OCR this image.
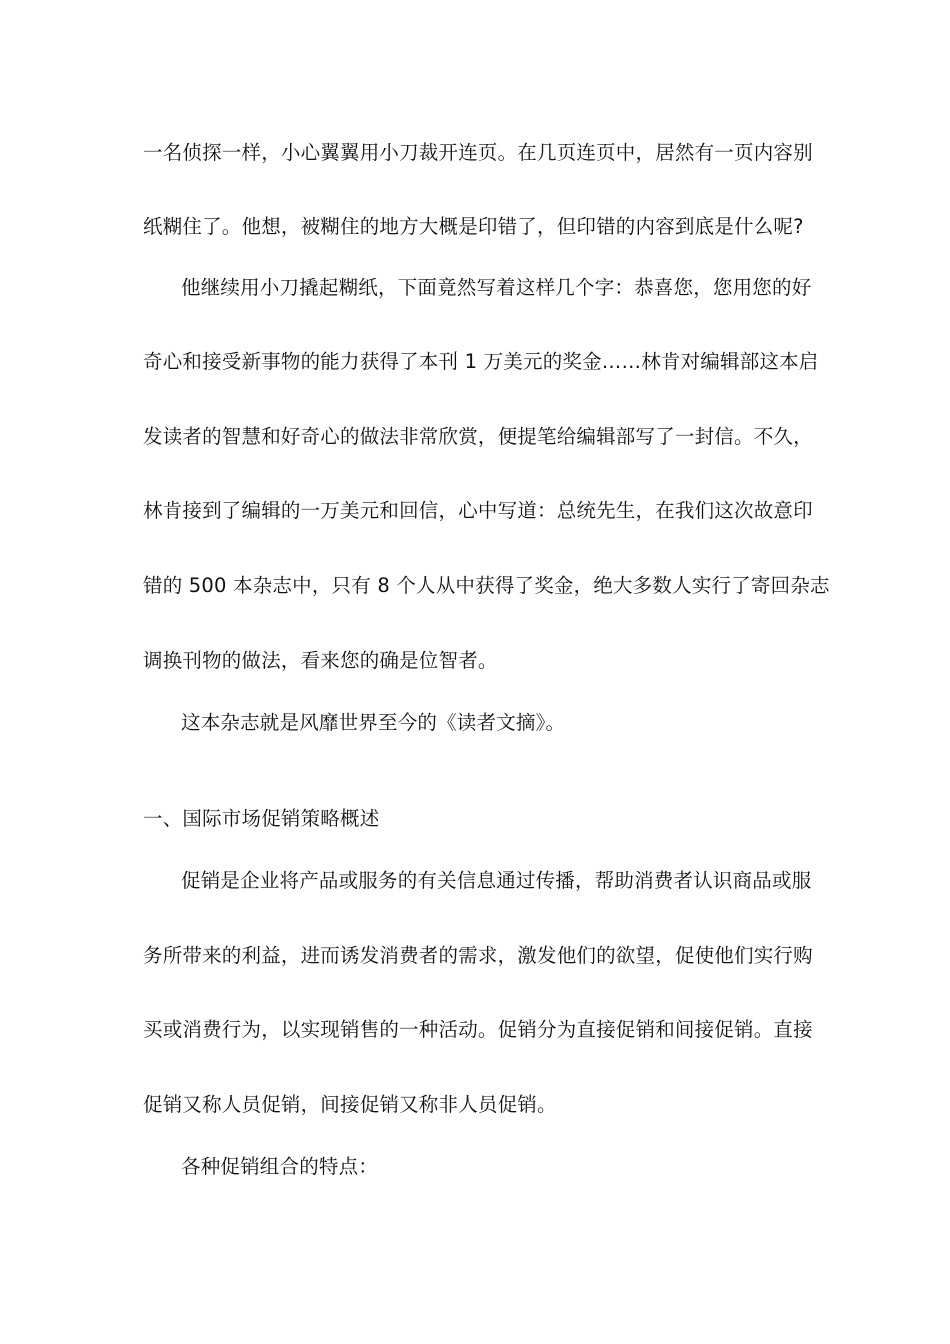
一名侦探一样，小心翼翼用小刀裁开连页。在几页连页中，居然有一页内容别
纸糊住了。他想，被糊住的地方大概是印错了，但印错的内容到底是什么呢?
他继续用小刀撬起糊纸，下面竟然写着这样几个字：恭喜您，您用您的好
奇心和接受新事物的能力获得了本刊 1 万美元的奖金……林肯对编辑部这本启
发读者的智慧和好奇心的做法非常欣赏，便提笔给编辑部写了一封信。不久，
林肯接到了编辑的一万美元和回信，心中写道：总统先生，在我们这次故意印
错的 500 本杂志中，只有 8 个人从中获得了奖金，绝大多数人实行了寄回杂志
调换刊物的做法，看来您的确是位智者。
这本杂志就是风靡世界至今的《读者文摘》。
一、国际市场促销策略概述
促销是企业将产品或服务的有关信息通过传播，帮助消费者认识商品或服
务所带来的利益，进而诱发消费者的需求，激发他们的欲望，促使他们实行购
买或消费行为，以实现销售的一种活动。促销分为直接促销和间接促销。直接
促销又称人员促销，间接促销又称非人员促销。
各种促销组合的特点：
